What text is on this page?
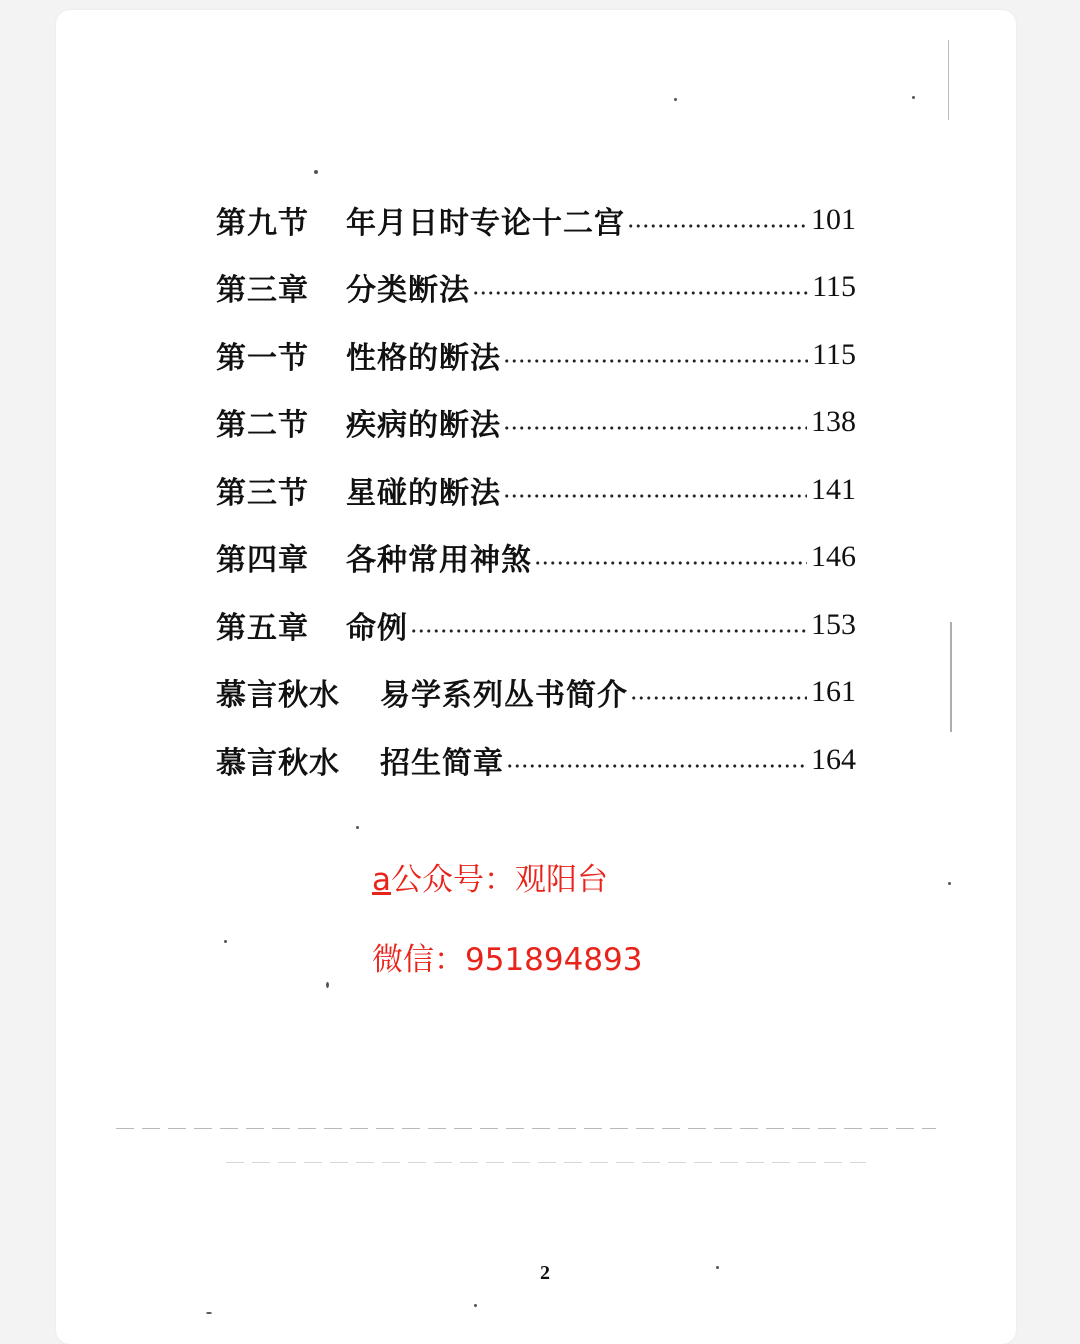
第九节	年月日时专论十二宫	101
第三章	分类断法	115
第一节	性格的断法	115
第二节	疾病的断法	138
第三节	星碰的断法	141
第四章	各种常用神煞	146
第五章	命例	153
慕言秋水	易学系列丛书简介	161
慕言秋水	招生简章	164
a公众号：观阳台
微信：951894893
2
